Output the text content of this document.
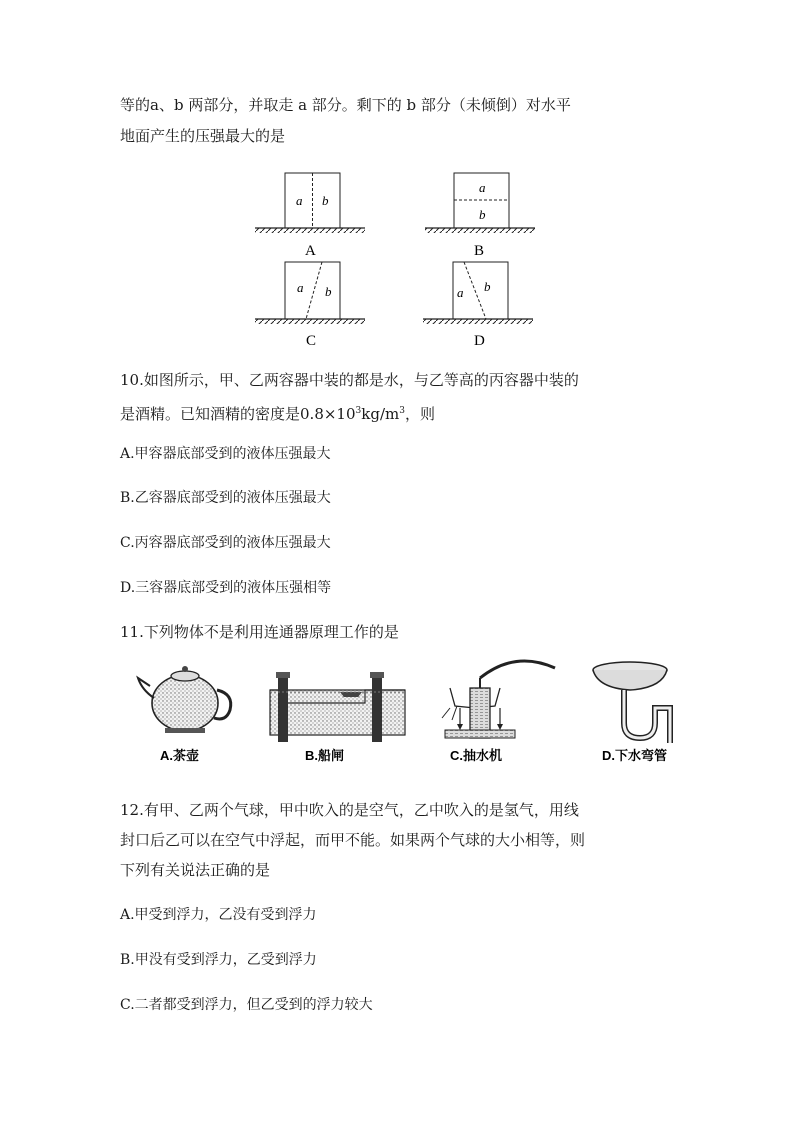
等的a、b 两部分，并取走 a 部分。剩下的 b 部分（未倾倒）对水平
地面产生的压强最大的是
a b
A
a
b
B
a b
C
a b
D
10.如图所示，甲、乙两容器中装的都是水，与乙等高的丙容器中装的
是酒精。已知酒精的密度是$0.8\times 10^3kg/m^3$，则
A.甲容器底部受到的液体压强最大
B.乙容器底部受到的液体压强最大
C.丙容器底部受到的液体压强最大
D.三容器底部受到的液体压强相等
11.下列物体不是利用连通器原理工作的是
A.茶壶	B.船闸	C.抽水机	D.下水弯管
12.有甲、乙两个气球，甲中吹入的是空气，乙中吹入的是氢气，用线
封口后乙可以在空气中浮起，而甲不能。如果两个气球的大小相等，则
下列有关说法正确的是
A.甲受到浮力，乙没有受到浮力
B.甲没有受到浮力，乙受到浮力
C.二者都受到浮力，但乙受到的浮力较大
